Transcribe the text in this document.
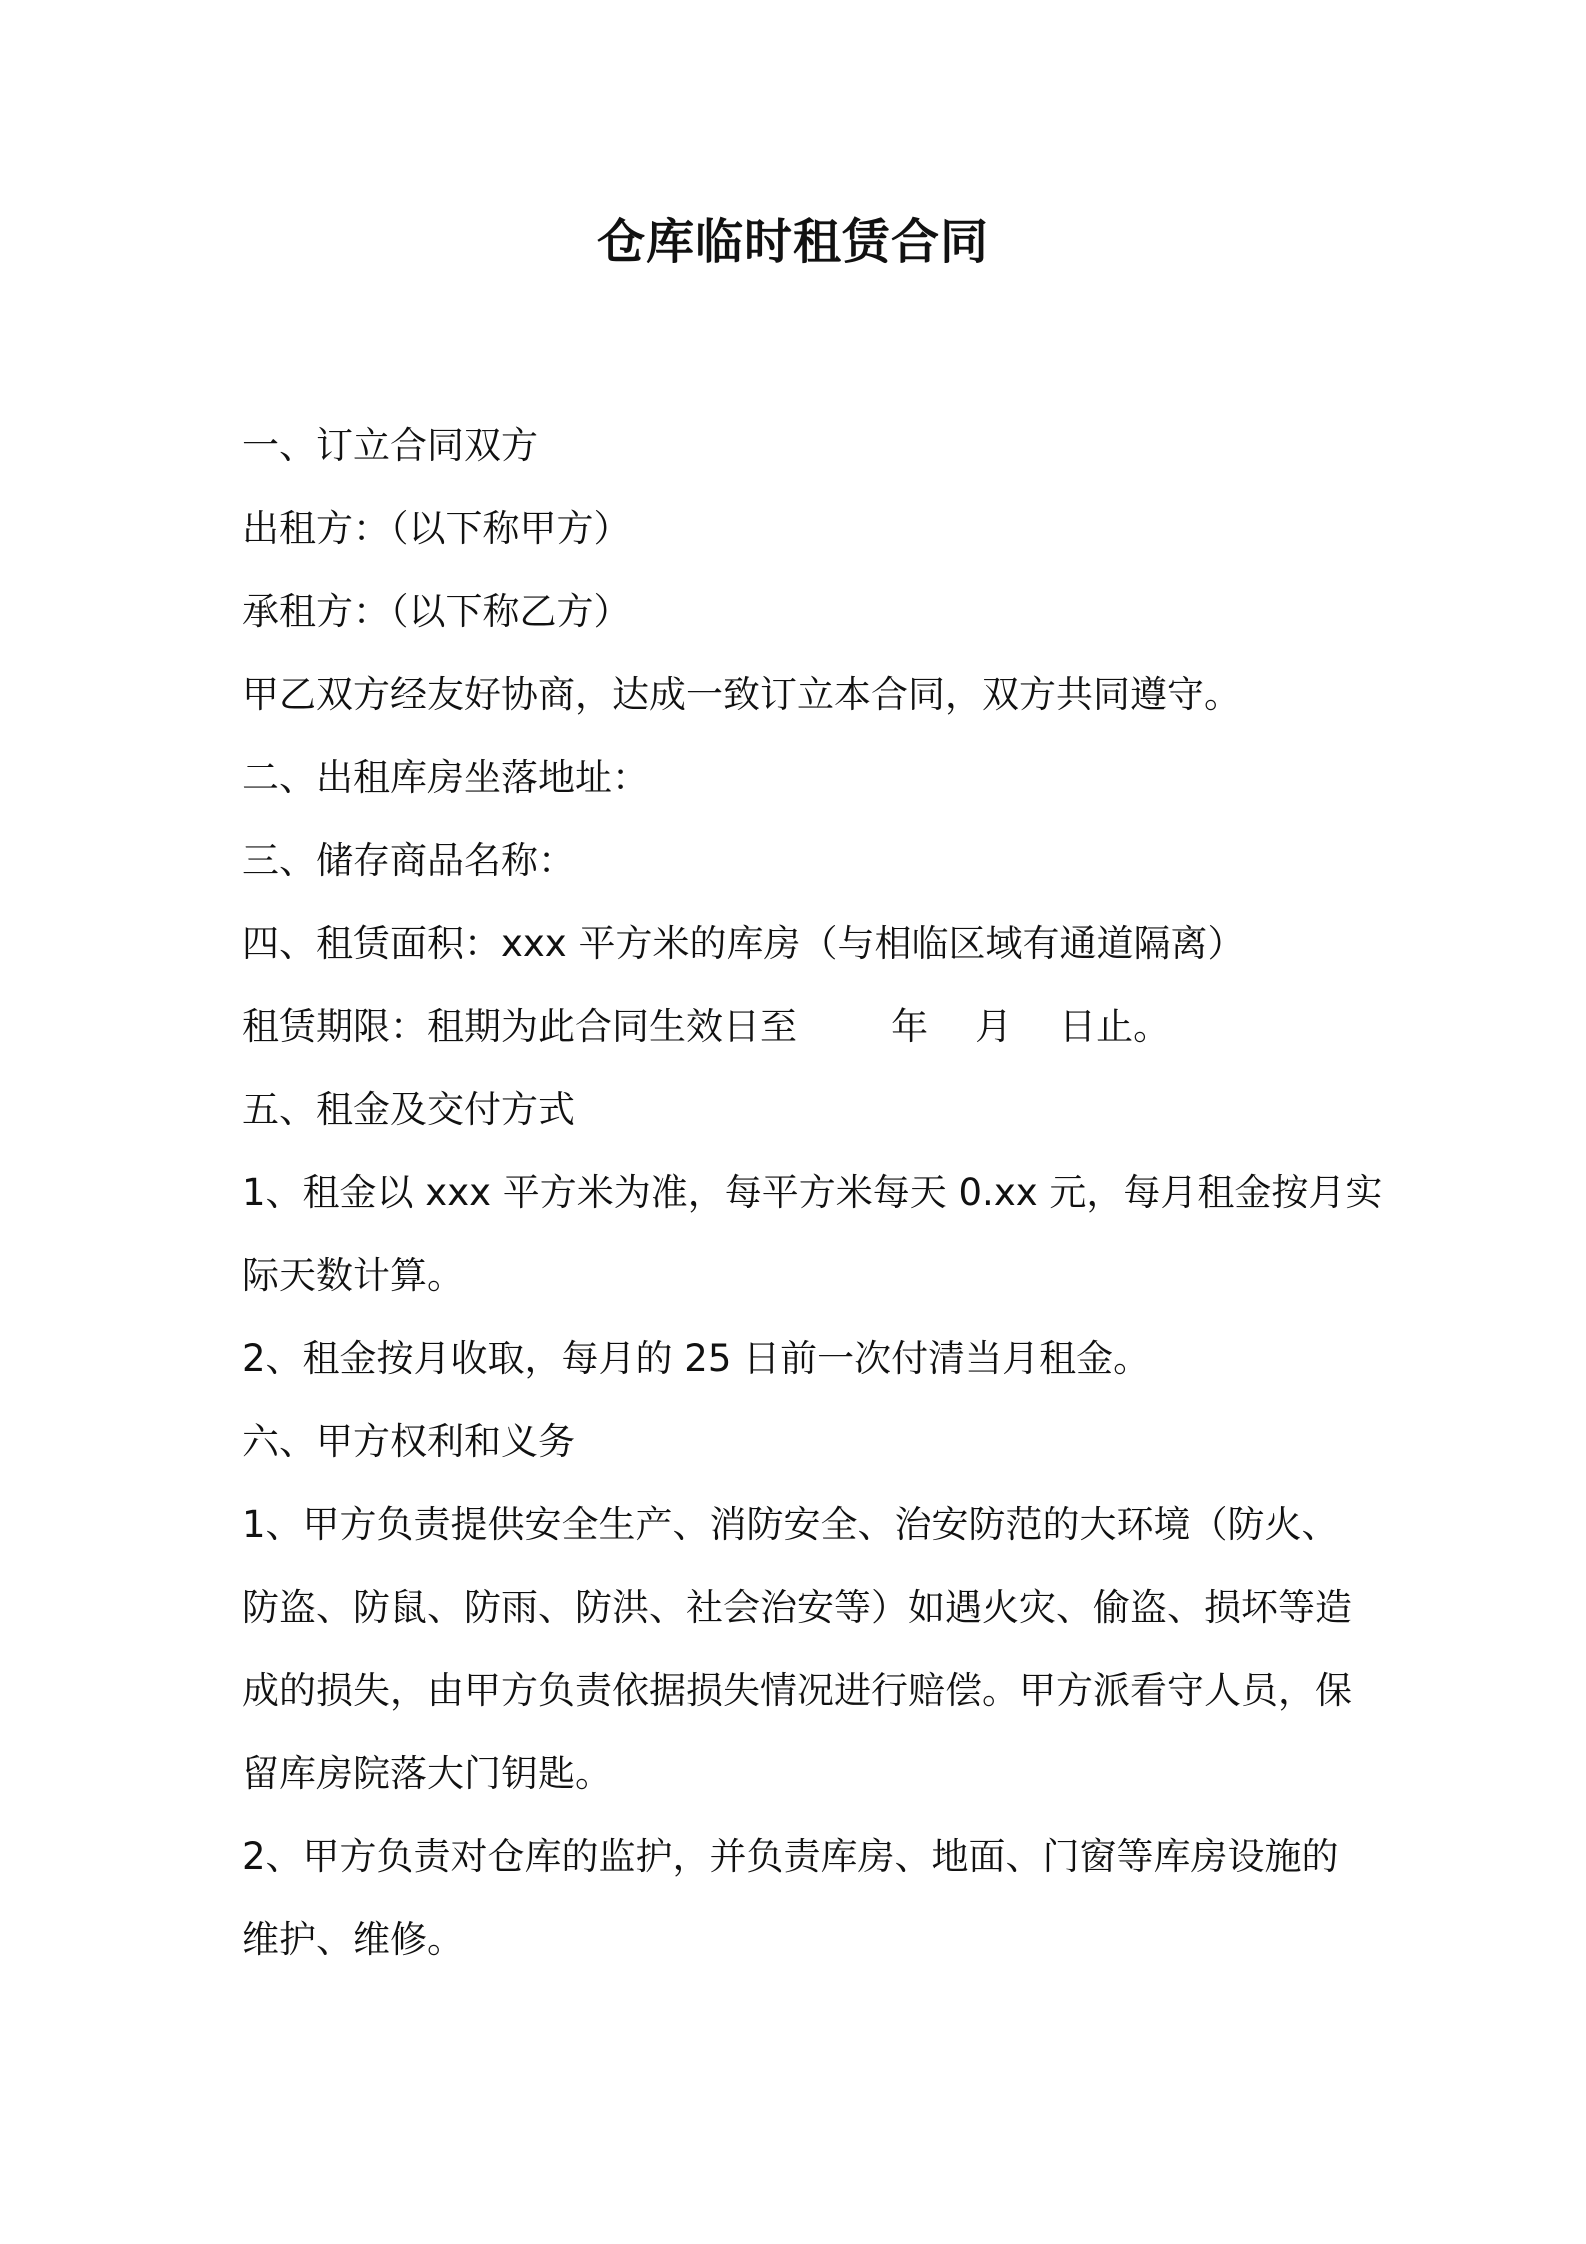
仓库临时租赁合同

一、订立合同双方

出租方：（以下称甲方）

承租方：（以下称乙方）

甲乙双方经友好协商，达成一致订立本合同，双方共同遵守。

二、出租库房坐落地址：

三、储存商品名称：

四、租赁面积：xxx 平方米的库房（与相临区域有通道隔离）

租赁期限：租期为此合同生效日至        年    月    日止。

五、租金及交付方式

1、租金以 xxx 平方米为准，每平方米每天 0.xx 元，每月租金按月实

际天数计算。

2、租金按月收取，每月的 25 日前一次付清当月租金。

六、甲方权利和义务

1、甲方负责提供安全生产、消防安全、治安防范的大环境（防火、

防盗、防鼠、防雨、防洪、社会治安等）如遇火灾、偷盗、损坏等造

成的损失，由甲方负责依据损失情况进行赔偿。甲方派看守人员，保

留库房院落大门钥匙。

2、甲方负责对仓库的监护，并负责库房、地面、门窗等库房设施的

维护、维修。
